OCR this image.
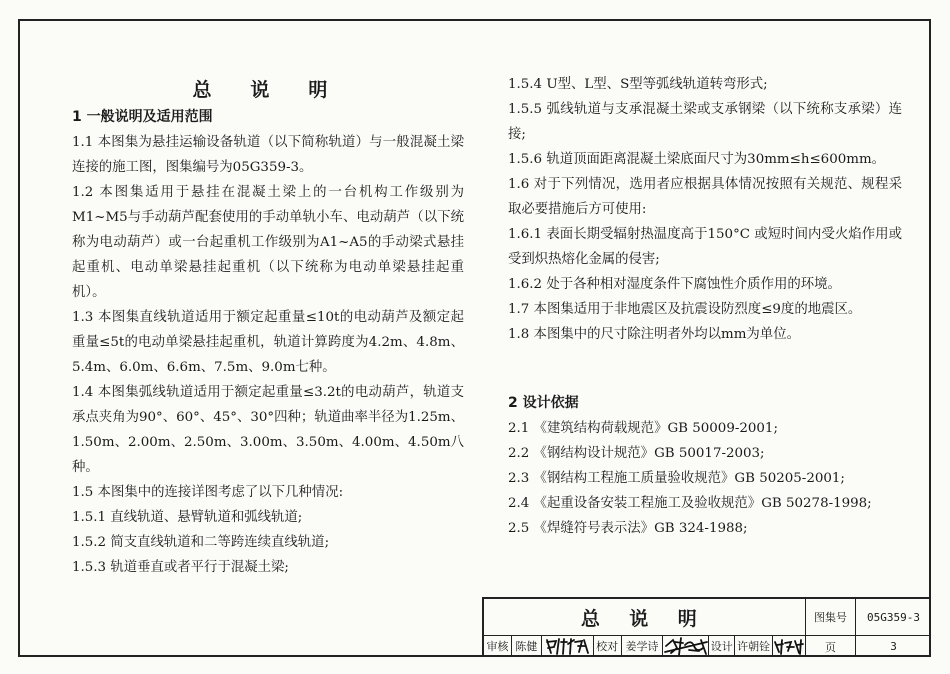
总 说 明
1 一般说明及适用范围

1.1 本图集为悬挂运输设备轨道（以下简称轨道）与一般混凝土梁连接的施工图，图集编号为05G359-3。

1.2 本图集适用于悬挂在混凝土梁上的一台机构工作级别为M1~M5与手动葫芦配套使用的手动单轨小车、电动葫芦（以下统称为电动葫芦）或一台起重机工作级别为A1~A5的手动梁式悬挂起重机、电动单梁悬挂起重机（以下统称为电动单梁悬挂起重机）。

1.3 本图集直线轨道适用于额定起重量≤10t的电动葫芦及额定起重量≤5t的电动单梁悬挂起重机，轨道计算跨度为4.2m、4.8m、5.4m、6.0m、6.6m、7.5m、9.0m七种。

1.4 本图集弧线轨道适用于额定起重量≤3.2t的电动葫芦，轨道支承点夹角为90°、60°、45°、30°四种；轨道曲率半径为1.25m、1.50m、2.00m、2.50m、3.00m、3.50m、4.00m、4.50m八种。

1.5 本图集中的连接详图考虑了以下几种情况:

1.5.1 直线轨道、悬臂轨道和弧线轨道;

1.5.2 简支直线轨道和二等跨连续直线轨道;

1.5.3 轨道垂直或者平行于混凝土梁;

1.5.4 U型、L型、S型等弧线轨道转弯形式;

1.5.5 弧线轨道与支承混凝土梁或支承钢梁（以下统称支承梁）连接;

1.5.6 轨道顶面距离混凝土梁底面尺寸为30mm≤h≤600mm。

1.6 对于下列情况，选用者应根据具体情况按照有关规范、规程采取必要措施后方可使用:

1.6.1 表面长期受辐射热温度高于150°C 或短时间内受火焰作用或受到炽热熔化金属的侵害;

1.6.2 处于各种相对湿度条件下腐蚀性介质作用的环境。

1.7 本图集适用于非地震区及抗震设防烈度≤9度的地震区。

1.8 本图集中的尺寸除注明者外均以mm为单位。

2 设计依据

2.1 《建筑结构荷载规范》GB 50009-2001;

2.2 《钢结构设计规范》GB 50017-2003;

2.3 《钢结构工程施工质量验收规范》GB 50205-2001;

2.4 《起重设备安装工程施工及验收规范》GB 50278-1998;

2.5 《焊缝符号表示法》GB 324-1988;

总 说 明	图集号	05G359-3
页	3
审核 陈健	校对 姜学诗	设计 许朝铨
